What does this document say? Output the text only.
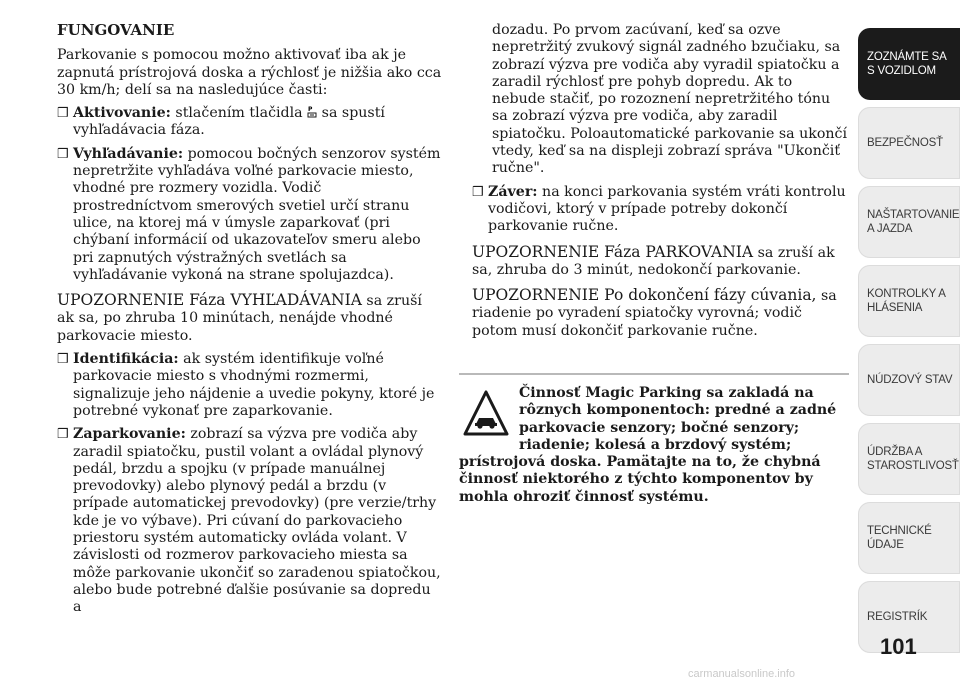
FUNGOVANIE

Parkovanie s pomocou možno aktivovať iba ak je zapnutá prístrojová doska a rýchlosť je nižšia ako cca 30 km/h; delí sa na nasledujúce časti:

❒ Aktivovanie: stlačením tlačidla P sa spustí vyhľadávacia fáza.
❒ Vyhľadávanie: pomocou bočných senzorov systém nepretržite vyhľadáva voľné parkovacie miesto, vhodné pre rozmery vozidla. Vodič prostredníctvom smerových svetiel určí stranu ulice, na ktorej má v úmysle zaparkovať (pri chýbaní informácií od ukazovateľov smeru alebo pri zapnutých výstražných svetlách sa vyhľadávanie vykoná na strane spolujazdca).

UPOZORNENIE Fáza VYHĽADÁVANIA sa zruší ak sa, po zhruba 10 minútach, nenájde vhodné parkovacie miesto.

❒ Identifikácia: ak systém identifikuje voľné parkovacie miesto s vhodnými rozmermi, signalizuje jeho nájdenie a uvedie pokyny, ktoré je potrebné vykonať pre zaparkovanie.
❒ Zaparkovanie: zobrazí sa výzva pre vodiča aby zaradil spiatočku, pustil volant a ovládal plynový pedál, brzdu a spojku (v prípade manuálnej prevodovky) alebo plynový pedál a brzdu (v prípade automatickej prevodovky) (pre verzie/trhy kde je vo výbave). Pri cúvaní do parkovacieho priestoru systém automaticky ovláda volant. V závislosti od rozmerov parkovacieho miesta sa môže parkovanie ukončiť so zaradenou spiatočkou, alebo bude potrebné ďalšie posúvanie sa dopredu a

dozadu. Po prvom zacúvaní, keď sa ozve nepretržitý zvukový signál zadného bzučiaku, sa zobrazí výzva pre vodiča aby vyradil spiatočku a zaradil rýchlosť pre pohyb dopredu. Ak to nebude stačiť, po rozoznení nepretržitého tónu sa zobrazí výzva pre vodiča, aby zaradil spiatočku. Poloautomatické parkovanie sa ukončí vtedy, keď sa na displeji zobrazí správa "Ukončiť ručne".

❒ Záver: na konci parkovania systém vráti kontrolu vodičovi, ktorý v prípade potreby dokončí parkovanie ručne.

UPOZORNENIE Fáza PARKOVANIA sa zruší ak sa, zhruba do 3 minút, nedokončí parkovanie.

UPOZORNENIE Po dokončení fázy cúvania, sa riadenie po vyradení spiatočky vyrovná; vodič potom musí dokončiť parkovanie ručne.

Činnosť Magic Parking sa zakladá na rôznych komponentoch: predné a zadné parkovacie senzory; bočné senzory; riadenie; kolesá a brzdový systém; prístrojová doska. Pamätajte na to, že chybná činnosť niektorého z týchto komponentov by mohla ohroziť činnosť systému.
ZOZNÁMTE SA S VOZIDLOM
BEZPEČNOSŤ
NAŠTARTOVANIE A JAZDA
KONTROLKY A HLÁSENIA
NÚDZOVÝ STAV
ÚDRŽBA A STAROSTLIVOSŤ
TECHNICKÉ ÚDAJE
REGISTRÍK
101
carmanualsonline.info
